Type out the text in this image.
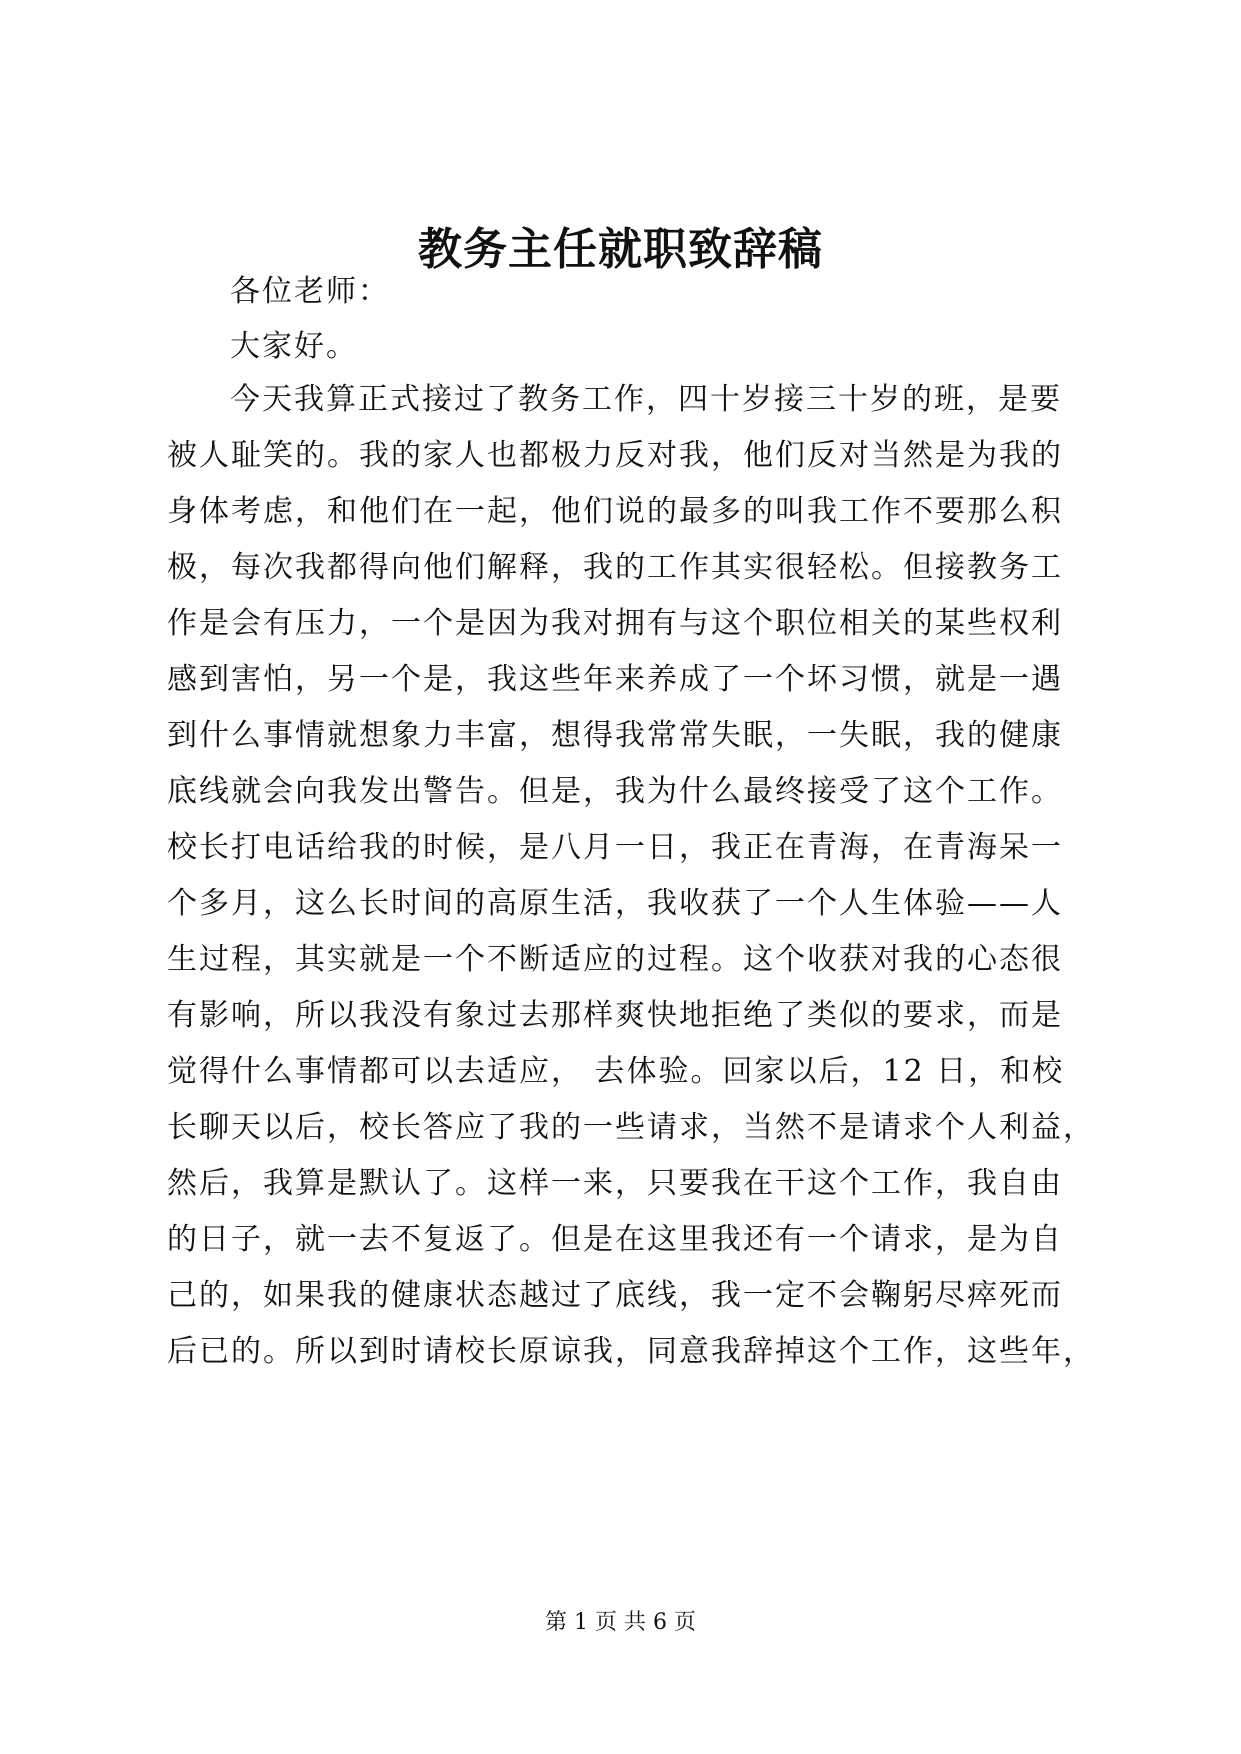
教务主任就职致辞稿
各位老师：
大家好。
今天我算正式接过了教务工作，四十岁接三十岁的班，是要
被人耻笑的。我的家人也都极力反对我，他们反对当然是为我的
身体考虑，和他们在一起，他们说的最多的叫我工作不要那么积
极，每次我都得向他们解释，我的工作其实很轻松。但接教务工
作是会有压力，一个是因为我对拥有与这个职位相关的某些权利
感到害怕，另一个是，我这些年来养成了一个坏习惯，就是一遇
到什么事情就想象力丰富，想得我常常失眠，一失眠，我的健康
底线就会向我发出警告。但是，我为什么最终接受了这个工作。
校长打电话给我的时候，是八月一日，我正在青海，在青海呆一
个多月，这么长时间的高原生活，我收获了一个人生体验——人
生过程，其实就是一个不断适应的过程。这个收获对我的心态很
有影响，所以我没有象过去那样爽快地拒绝了类似的要求，而是
觉得什么事情都可以去适应， 去体验。回家以后，12 日，和校
长聊天以后，校长答应了我的一些请求，当然不是请求个人利益，
然后，我算是默认了。这样一来，只要我在干这个工作，我自由
的日子，就一去不复返了。但是在这里我还有一个请求，是为自
己的，如果我的健康状态越过了底线，我一定不会鞠躬尽瘁死而
后已的。所以到时请校长原谅我，同意我辞掉这个工作，这些年，
第 1 页 共 6 页
